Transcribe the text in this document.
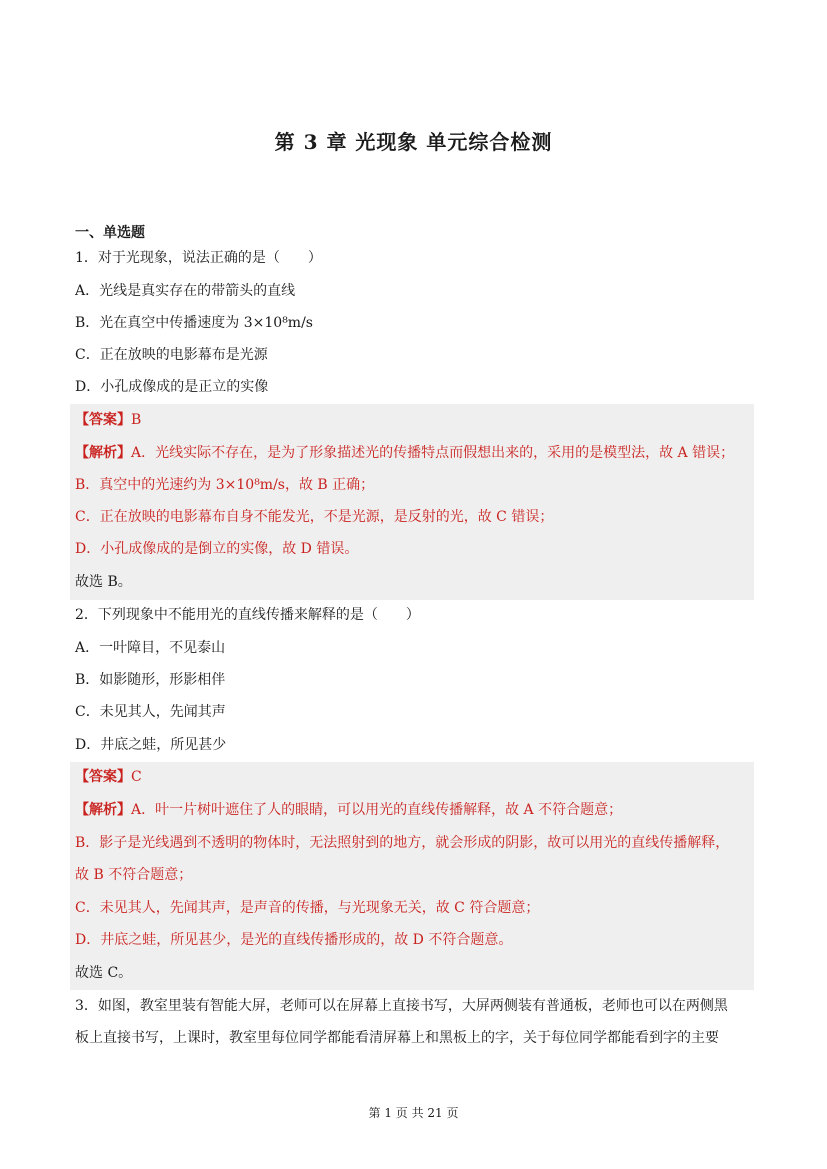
第 3 章 光现象 单元综合检测
一、单选题
1．对于光现象，说法正确的是（　　）
A．光线是真实存在的带箭头的直线
B．光在真空中传播速度为 3×10⁸m/s
C．正在放映的电影幕布是光源
D．小孔成像成的是正立的实像
【答案】B
【解析】A．光线实际不存在，是为了形象描述光的传播特点而假想出来的，采用的是模型法，故 A 错误；
B．真空中的光速约为 3×10⁸m/s，故 B 正确；
C．正在放映的电影幕布自身不能发光，不是光源，是反射的光，故 C 错误；
D．小孔成像成的是倒立的实像，故 D 错误。
故选 B。
2．下列现象中不能用光的直线传播来解释的是（　　）
A．一叶障目，不见泰山
B．如影随形，形影相伴
C．未见其人，先闻其声
D．井底之蛙，所见甚少
【答案】C
【解析】A．叶一片树叶遮住了人的眼睛，可以用光的直线传播解释，故 A 不符合题意；
B．影子是光线遇到不透明的物体时，无法照射到的地方，就会形成的阴影，故可以用光的直线传播解释，
故 B 不符合题意；
C．未见其人，先闻其声，是声音的传播，与光现象无关，故 C 符合题意；
D．井底之蛙，所见甚少，是光的直线传播形成的，故 D 不符合题意。
故选 C。
3．如图，教室里装有智能大屏，老师可以在屏幕上直接书写，大屏两侧装有普通板，老师也可以在两侧黑
板上直接书写，上课时，教室里每位同学都能看清屏幕上和黑板上的字，关于每位同学都能看到字的主要
第 1 页 共 21 页
